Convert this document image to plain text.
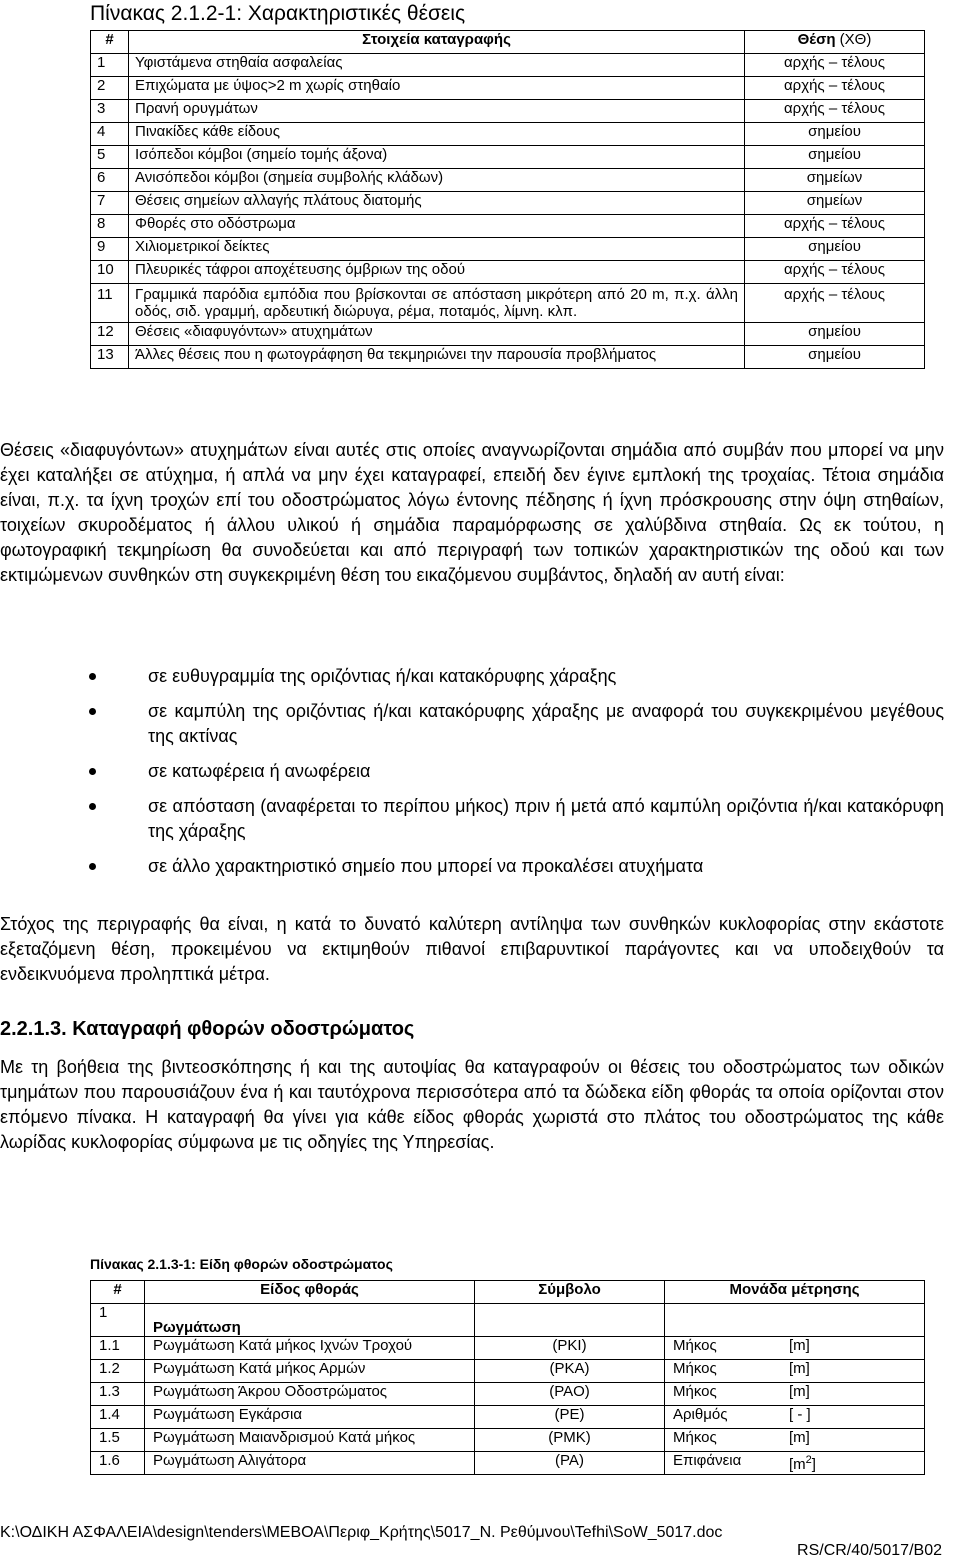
Πίνακας 2.1.2-1: Χαρακτηριστικές θέσεις
#	Στοιχεία καταγραφής	Θέση (ΧΘ)
1	Υφιστάμενα στηθαία ασφαλείας	αρχής – τέλους
2	Επιχώματα με ύψος>2 m χωρίς στηθαίο	αρχής – τέλους
3	Πρανή ορυγμάτων	αρχής – τέλους
4	Πινακίδες κάθε είδους	σημείου
5	Ισόπεδοι κόμβοι (σημείο τομής άξονα)	σημείου
6	Ανισόπεδοι κόμβοι (σημεία συμβολής κλάδων)	σημείων
7	Θέσεις σημείων αλλαγής πλάτους διατομής	σημείων
8	Φθορές στο οδόστρωμα	αρχής – τέλους
9	Χιλιομετρικοί δείκτες	σημείου
10	Πλευρικές τάφροι αποχέτευσης όμβριων της οδού	αρχής – τέλους
11	Γραμμικά παρόδια εμπόδια που βρίσκονται σε απόσταση μικρότερη από 20 m, π.χ. άλλη οδός, σιδ. γραμμή, αρδευτική διώρυγα, ρέμα, ποταμός, λίμνη. κλπ.	αρχής – τέλους
12	Θέσεις «διαφυγόντων» ατυχημάτων	σημείου
13	Άλλες θέσεις που η φωτογράφηση θα τεκμηριώνει την παρουσία προβλήματος	σημείου
Θέσεις «διαφυγόντων» ατυχημάτων είναι αυτές στις οποίες αναγνωρίζονται σημάδια από συμβάν που μπορεί να μην έχει καταλήξει σε ατύχημα, ή απλά να μην έχει καταγραφεί, επειδή δεν έγινε εμπλοκή της τροχαίας. Τέτοια σημάδια είναι, π.χ. τα ίχνη τροχών επί του οδοστρώματος λόγω έντονης πέδησης ή ίχνη πρόσκρουσης στην όψη στηθαίων, τοιχείων σκυροδέματος ή άλλου υλικού ή σημάδια παραμόρφωσης σε χαλύβδινα στηθαία. Ως εκ τούτου, η φωτογραφική τεκμηρίωση θα συνοδεύεται και από περιγραφή των τοπικών χαρακτηριστικών της οδού και των εκτιμώμενων συνθηκών στη συγκεκριμένη θέση του εικαζόμενου συμβάντος, δηλαδή αν αυτή είναι:
σε ευθυγραμμία της οριζόντιας ή/και κατακόρυφης χάραξης
σε καμπύλη της οριζόντιας ή/και κατακόρυφης χάραξης με αναφορά του συγκεκριμένου μεγέθους της ακτίνας
σε κατωφέρεια ή ανωφέρεια
σε απόσταση (αναφέρεται το περίπου μήκος) πριν ή μετά από καμπύλη οριζόντια ή/και κατακόρυφη της χάραξης
σε άλλο χαρακτηριστικό σημείο που μπορεί να προκαλέσει ατυχήματα
Στόχος της περιγραφής θα είναι, η κατά το δυνατό καλύτερη αντίληψα των συνθηκών κυκλοφορίας στην εκάστοτε εξεταζόμενη θέση, προκειμένου να εκτιμηθούν πιθανοί επιβαρυντικοί παράγοντες και να υποδειχθούν τα ενδεικνυόμενα προληπτικά μέτρα.
2.2.1.3. Καταγραφή φθορών οδοστρώματος
Με τη βοήθεια της βιντεοσκόπησης ή και της αυτοψίας θα καταγραφούν οι θέσεις του οδοστρώματος των οδικών τμημάτων που παρουσιάζουν ένα ή και ταυτόχρονα περισσότερα από τα δώδεκα είδη φθοράς τα οποία ορίζονται στον επόμενο πίνακα. Η καταγραφή θα γίνει για κάθε είδος φθοράς χωριστά στο πλάτος του οδοστρώματος της κάθε λωρίδας κυκλοφορίας σύμφωνα με τις οδηγίες της Υπηρεσίας.
Πίνακας 2.1.3-1: Είδη φθορών οδοστρώματος
#	Είδος φθοράς	Σύμβολο	Μονάδα μέτρησης
1	Ρωγμάτωση		
1.1	Ρωγμάτωση Κατά μήκος Ιχνών Τροχού	(PKI)	Μήκος [m]

1.2	Ρωγμάτωση Κατά μήκος Αρμών	(PKA)	Μήκος [m]

1.3	Ρωγμάτωση Άκρου Οδοστρώματος	(PAO)	Μήκος [m]

1.4	Ρωγμάτωση Εγκάρσια	(PE)	Αριθμός [ - ]

1.5	Ρωγμάτωση Μαιανδρισμού Κατά μήκος	(PMK)	Μήκος [m]

1.6	Ρωγμάτωση Αλιγάτορα	(PA)	Επιφάνεια $[m^2]$
K:\ΟΔΙΚΗ ΑΣΦΑΛΕΙΑ\design\tenders\ΜΕΒΟΑ\Περιφ_Κρήτης\5017_Ν. Ρεθύμνου\Tefhi\SoW_5017.doc
RS/CR/40/5017/B02
